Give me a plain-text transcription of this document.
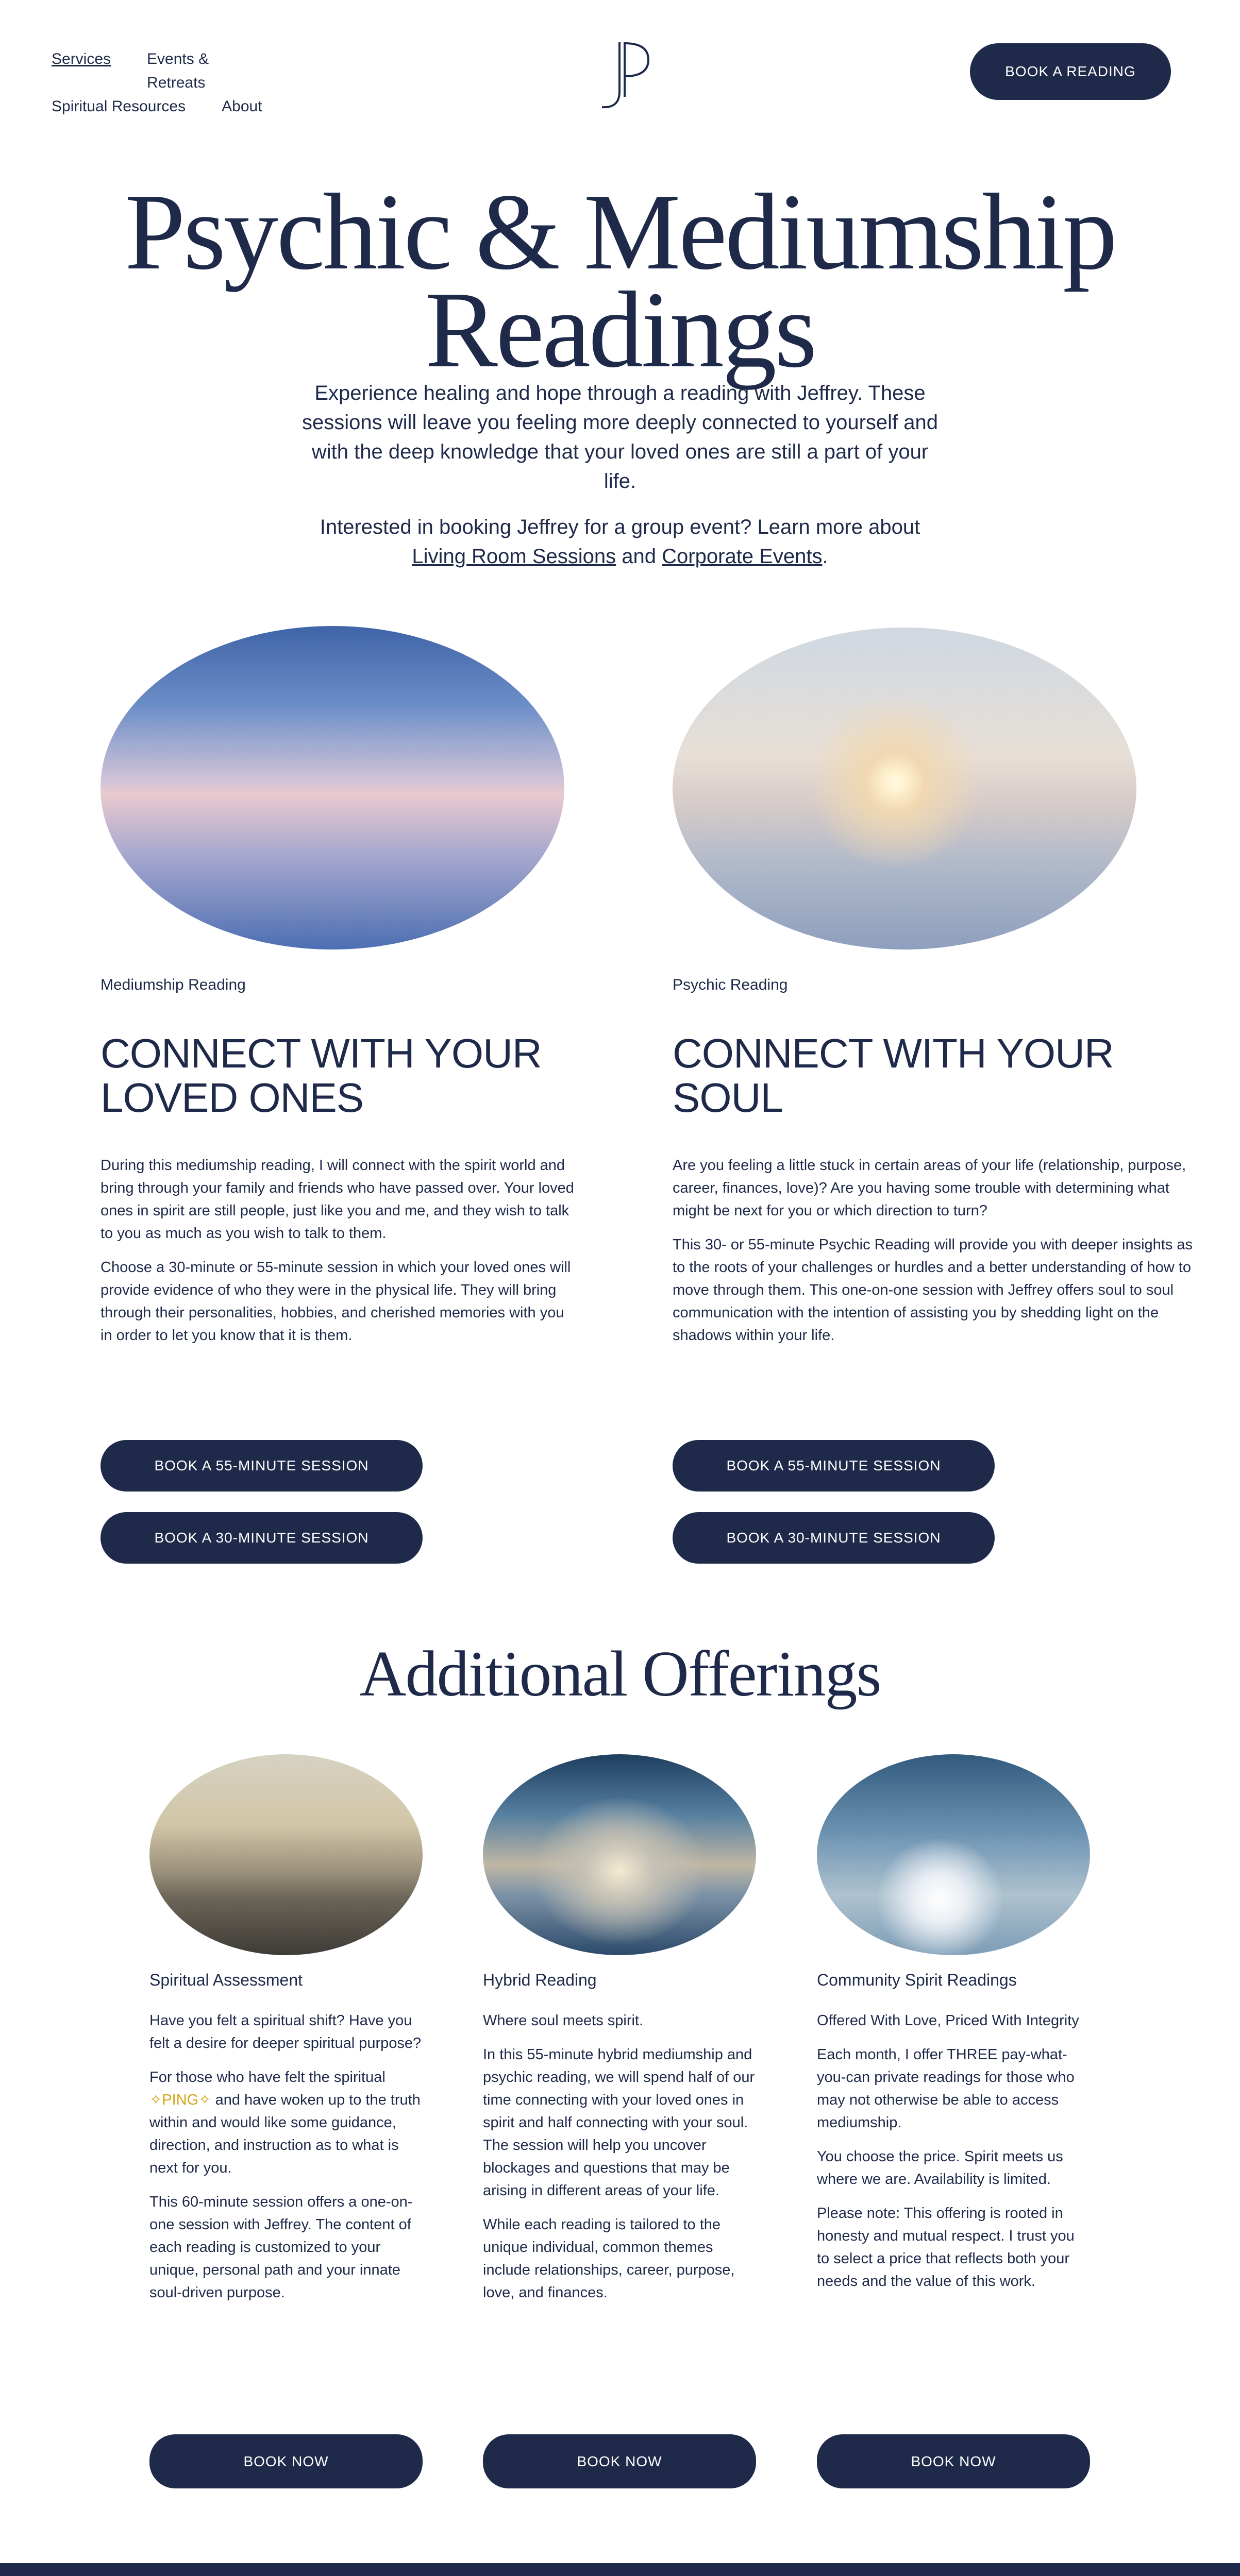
Services Events & Retreats
Spiritual Resources About
BOOK A READING
Psychic & Mediumship
Readings

Experience healing and hope through a reading with Jeffrey. These sessions will leave you feeling more deeply connected to yourself and with the deep knowledge that your loved ones are still a part of your life.

Interested in booking Jeffrey for a group event? Learn more about
Living Room Sessions and Corporate Events.

Mediumship Reading	Psychic Reading
CONNECT WITH YOUR LOVED ONES
CONNECT WITH YOUR SOUL

During this mediumship reading, I will connect with the spirit world and bring through your family and friends who have passed over. Your loved ones in spirit are still people, just like you and me, and they wish to talk to you as much as you wish to talk to them.

Choose a 30-minute or 55-minute session in which your loved ones will provide evidence of who they were in the physical life. They will bring through their personalities, hobbies, and cherished memories with you in order to let you know that it is them.

Are you feeling a little stuck in certain areas of your life (relationship, purpose, career, finances, love)? Are you having some trouble with determining what might be next for you or which direction to turn?

This 30- or 55-minute Psychic Reading will provide you with deeper insights as to the roots of your challenges or hurdles and a better understanding of how to move through them. This one-on-one session with Jeffrey offers soul to soul communication with the intention of assisting you by shedding light on the shadows within your life.

BOOK A 55-MINUTE SESSION
BOOK A 30-MINUTE SESSION
BOOK A 55-MINUTE SESSION
BOOK A 30-MINUTE SESSION
Additional Offerings
Spiritual Assessment	Hybrid Reading	Community Spirit Readings

Have you felt a spiritual shift? Have you felt a desire for deeper spiritual purpose?

For those who have felt the spiritual ✧PING✧ and have woken up to the truth within and would like some guidance, direction, and instruction as to what is next for you.

This 60-minute session offers a one-on-one session with Jeffrey. The content of each reading is customized to your unique, personal path and your innate soul-driven purpose.

Where soul meets spirit.

In this 55-minute hybrid mediumship and psychic reading, we will spend half of our time connecting with your loved ones in spirit and half connecting with your soul. The session will help you uncover blockages and questions that may be arising in different areas of your life.

While each reading is tailored to the unique individual, common themes include relationships, career, purpose, love, and finances.

Offered With Love, Priced With Integrity

Each month, I offer THREE pay-what-you-can private readings for those who may not otherwise be able to access mediumship.

You choose the price. Spirit meets us where we are. Availability is limited.

Please note: This offering is rooted in honesty and mutual respect. I trust you to select a price that reflects both your needs and the value of this work.

BOOK NOW	BOOK NOW	BOOK NOW
